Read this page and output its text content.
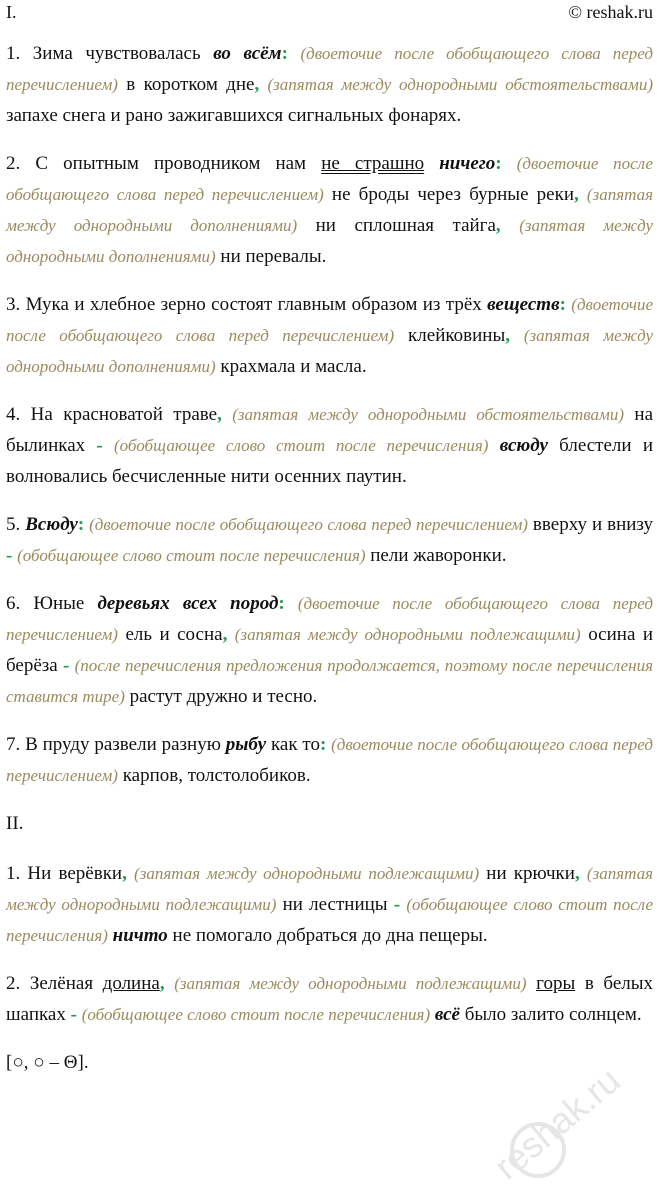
I.	© reshak.ru

1. Зима чувствовалась во всём: (двоеточие после обобщающего слова перед перечислением) в коротком дне, (запятая между однородными обстоятельствами) запахе снега и рано зажигавшихся сигнальных фонарях.

2. С опытным проводником нам не страшно ничего: (двоеточие после обобщающего слова перед перечислением) не броды через бурные реки, (запятая между однородными дополнениями) ни сплошная тайга, (запятая между однородными дополнениями) ни перевалы.

3. Мука и хлебное зерно состоят главным образом из трёх веществ: (двоеточие после обобщающего слова перед перечислением) клейковины, (запятая между однородными дополнениями) крахмала и масла.

4. На красноватой траве, (запятая между однородными обстоятельствами) на былинках - (обобщающее слово стоит после перечисления) всюду блестели и волновались бесчисленные нити осенних паутин.

5. Всюду: (двоеточие после обобщающего слова перед перечислением) вверху и внизу - (обобщающее слово стоит после перечисления) пели жаворонки.

6. Юные деревьях всех пород: (двоеточие после обобщающего слова перед перечислением) ель и сосна, (запятая между однородными подлежащими) осина и берёза - (после перечисления предложения продолжается, поэтому после перечисления ставится тире) растут дружно и тесно.

7. В пруду развели разную рыбу как то: (двоеточие после обобщающего слова перед перечислением) карпов, толстолобиков.

II.

1. Ни верёвки, (запятая между однородными подлежащими) ни крючки, (запятая между однородными подлежащими) ни лестницы - (обобщающее слово стоит после перечисления) ничто не помогало добраться до дна пещеры.

2. Зелёная долина, (запятая между однородными подлежащими) горы в белых шапках - (обобщающее слово стоит после перечисления) всё было залито солнцем.

[○, ○ – Θ].	reshak.ru
